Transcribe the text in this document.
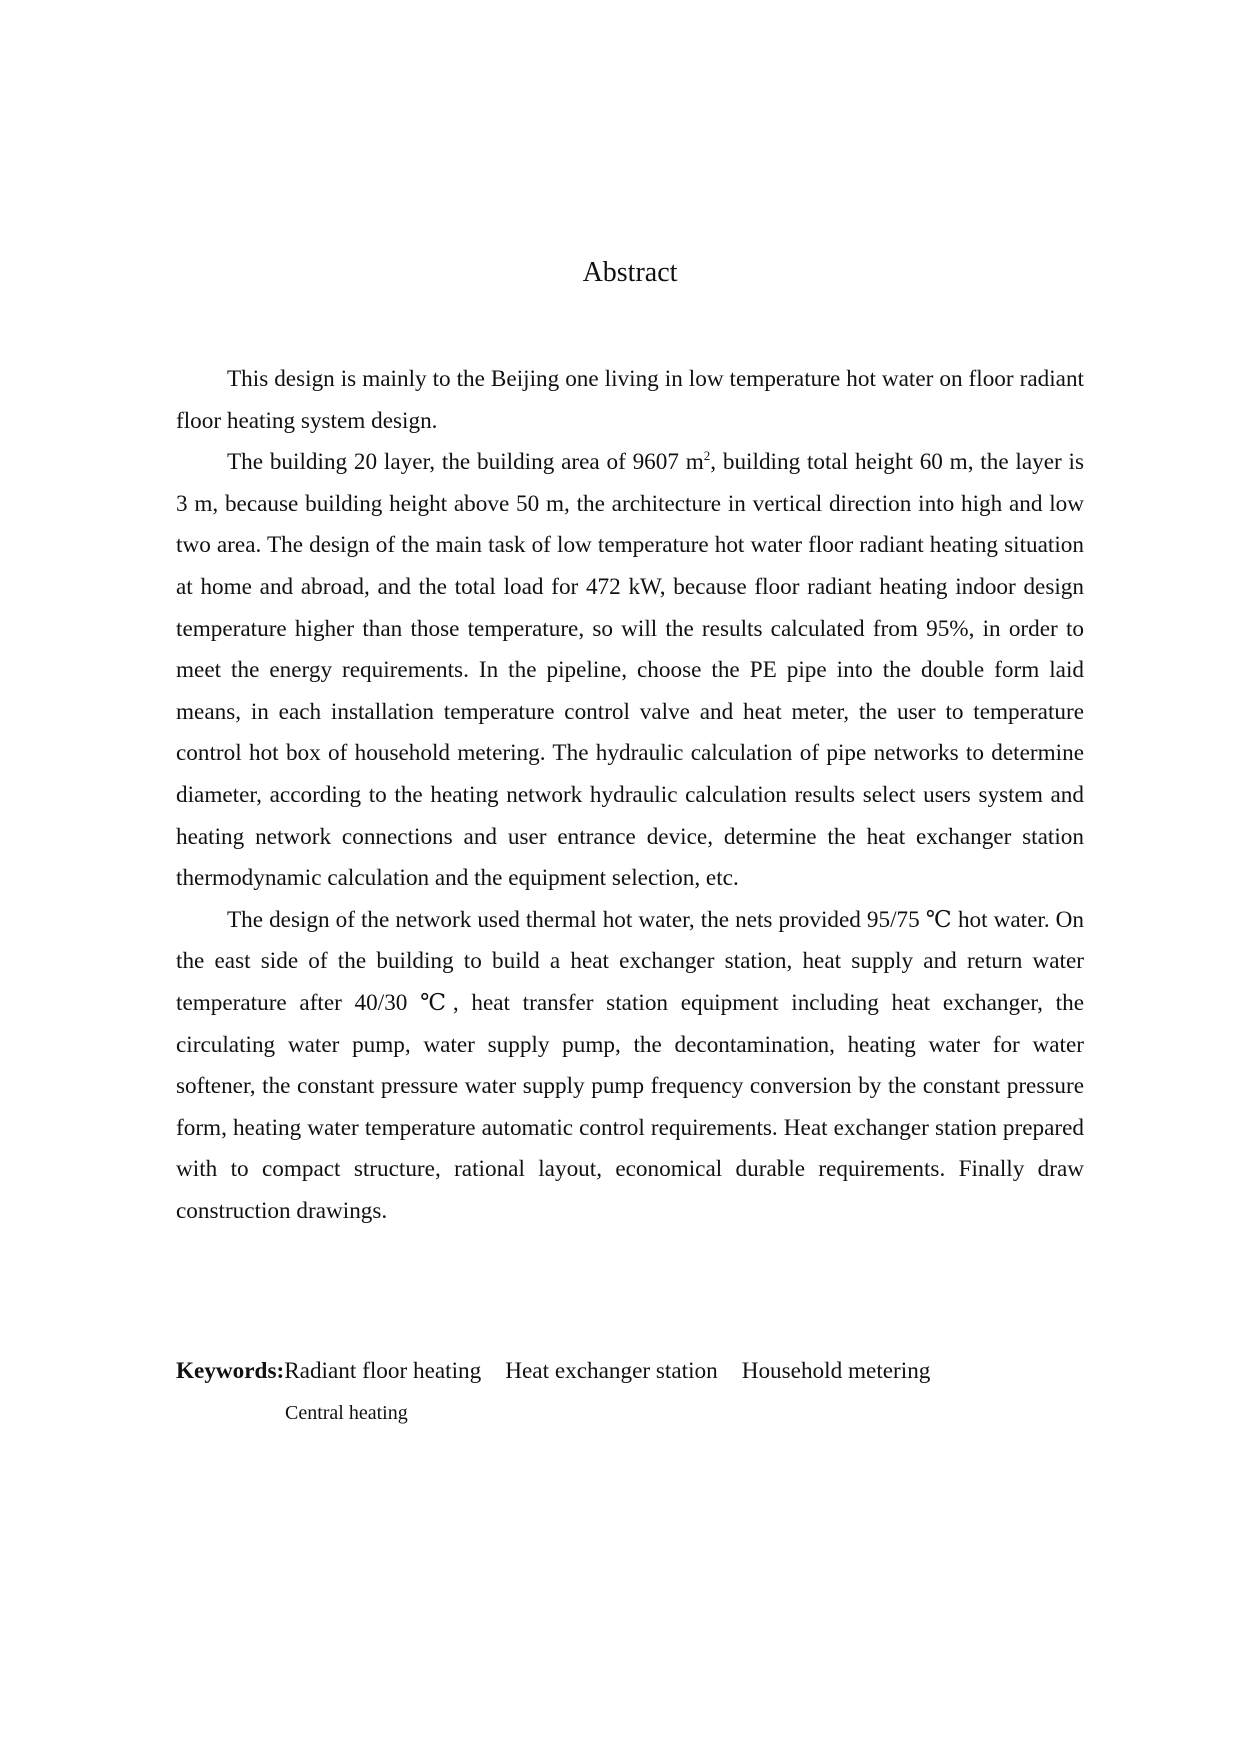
Abstract

This design is mainly to the Beijing one living in low temperature hot water on floor radiant floor heating system design.

The building 20 layer, the building area of 9607 $m^2$, building total height 60 m, the layer is 3 m, because building height above 50 m, the architecture in vertical direction into high and low two area. The design of the main task of low temperature hot water floor radiant heating situation at home and abroad, and the total load for 472 kW, because floor radiant heating indoor design temperature higher than those temperature, so will the results calculated from 95%, in order to meet the energy requirements. In the pipeline, choose the PE pipe into the double form laid means, in each installation temperature control valve and heat meter, the user to temperature control hot box of household metering. The hydraulic calculation of pipe networks to determine diameter, according to the heating network hydraulic calculation results select users system and heating network connections and user entrance device, determine the heat exchanger station thermodynamic calculation and the equipment selection, etc.

The design of the network used thermal hot water, the nets provided 95/75 ℃ hot water. On the east side of the building to build a heat exchanger station, heat supply and return water temperature after 40/30 ℃, heat transfer station equipment including heat exchanger, the circulating water pump, water supply pump, the decontamination, heating water for water softener, the constant pressure water supply pump frequency conversion by the constant pressure form, heating water temperature automatic control requirements. Heat exchanger station prepared with to compact structure, rational layout, economical durable requirements. Finally draw construction drawings.

Keywords:Radiant floor heating Heat exchanger station Household metering
Central heating
